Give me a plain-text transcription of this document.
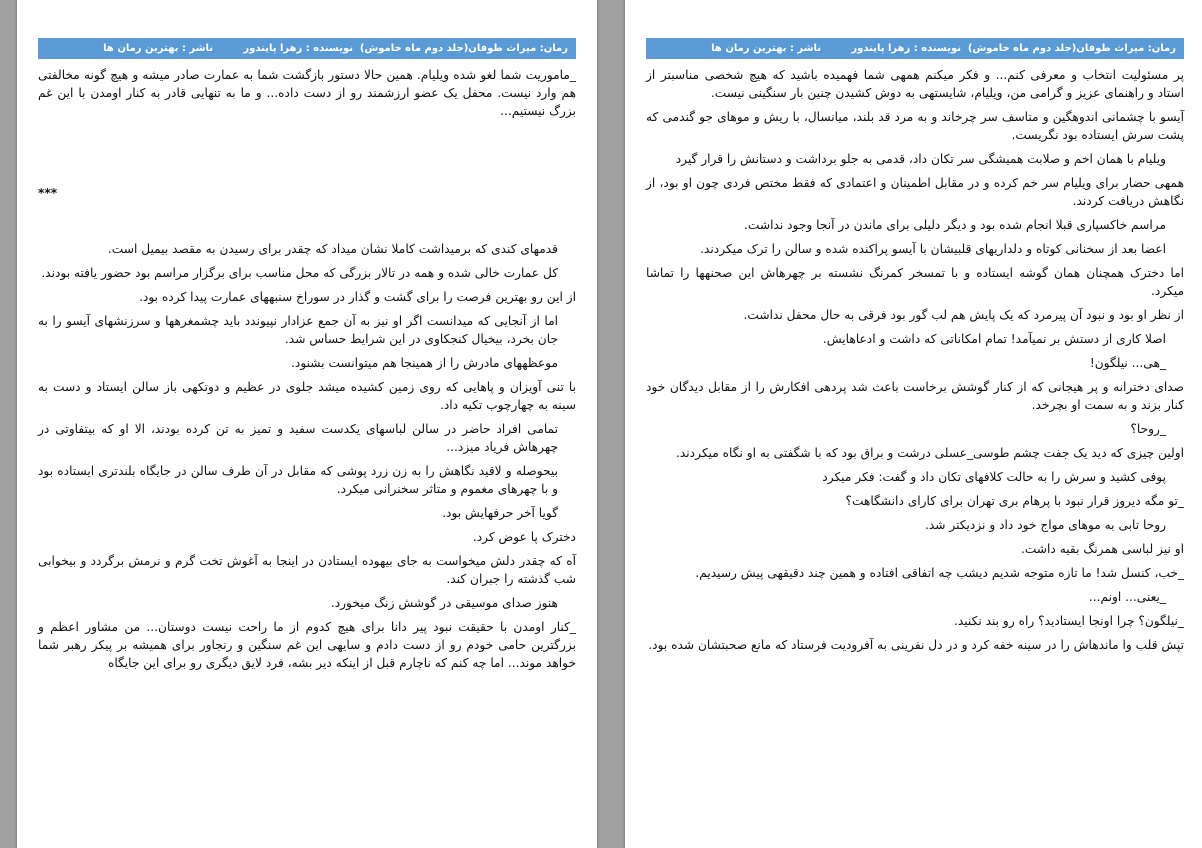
رمان: میراث طوفان(جلد دوم ماه خاموش)
نویسنده : زهرا پایندور
ناشر : بهترین رمان ها

_ماموریت شما لغو شده ویلیام. همین حالا دستور بازگشت شما به عمارت صادر میشه و هیچ گونه مخالفتی هم وارد نیست. محفل یک عضو ارزشمند رو از دست داده... و ما به تنهایی قادر به کنار اومدن با این غم بزرگ نیستیم...

***

قدمهای کندی که برمیداشت کاملا نشان میداد که چقدر برای رسیدن به مقصد بیمیل است.

کل عمارت خالی شده و همه در تالار بزرگی که محل مناسب برای برگزار مراسم بود حضور یافته بودند.

از این رو بهترین فرصت را برای گشت و گذار در سوراخ سنبههای عمارت پیدا کرده بود.

اما از آنجایی که میدانست اگر او نیز به آن جمع عزادار نپیوندد باید چشمغرهها و سرزنشهای آیسو را به جان بخرد، بیخیال کنجکاوی در این شرایط حساس شد.

موعظههای مادرش را از همینجا هم میتوانست بشنود.

با تنی آویزان و پاهایی که روی زمین کشیده میشد جلوی در عظیم و دوتکهی باز سالن ایستاد و دست به سینه به چهارچوب تکیه داد.

تمامی افراد حاضر در سالن لباسهای یکدست سفید و تمیز به تن کرده بودند، الا او که بیتفاوتی در چهرهاش فریاد میزد...

بیحوصله و لاقید نگاهش را به زن زرد پوشی که مقابل در آن طرف سالن در جایگاه بلندتری ایستاده بود و با چهرهای مغموم و متاثر سخنرانی میکرد.

گویا آخر حرفهایش بود.

دخترک پا عوض کرد.

آه که چقدر دلش میخواست به جای بیهوده ایستادن در اینجا به آغوش تخت گرم و نرمش برگردد و بیخوابی شب گذشته را جبران کند.

هنوز صدای موسیقی در گوشش زنگ میخورد.

_کنار اومدن با حقیقت نبود پیر دانا برای هیچ کدوم از ما راحت نیست دوستان... من مشاور اعظم و بزرگترین حامی خودم رو از دست دادم و سایهی این غم سنگین و رنجاور برای همیشه بر پیکر رهبر شما خواهد موند... اما چه کنم که ناچارم قبل از اینکه دیر بشه، فرد لایق دیگری رو برای این جایگاه

رمان: میراث طوفان(جلد دوم ماه خاموش)
نویسنده : زهرا پایندور
ناشر : بهترین رمان ها

پر مسئولیت انتخاب و معرفی کنم... و فکر میکنم همهی شما فهمیده باشید که هیچ شخصی مناسبتر از استاد و راهنمای عزیز و گرامی من، ویلیام، شایستهی به دوش کشیدن چنین بار سنگینی نیست.

آیسو با چشمانی اندوهگین و متاسف سر چرخاند و به مرد قد بلند، میانسال، با ریش و موهای جو گندمی که پشت سرش ایستاده بود نگریست.

ویلیام با همان اخم و صلابت همیشگی سر تکان داد، قدمی به جلو برداشت و دستانش را قرار گیرد

همهی حضار برای ویلیام سر خم کرده و در مقابل اطمینان و اعتمادی که فقط مختص فردی چون او بود، از نگاهش دریافت کردند.

مراسم خاکسپاری قبلا انجام شده بود و دیگر دلیلی برای ماندن در آنجا وجود نداشت.

اعضا بعد از سخنانی کوتاه و دلداریهای قلبیشان با آیسو پراکنده شده و سالن را ترک میکردند.

اما دخترک همچنان همان گوشه ایستاده و با تمسخر کمرنگ نشسته بر چهرهاش این صحنهها را تماشا میکرد.

از نظر او بود و نبود آن پیرمرد که یک پایش هم لب گور بود فرقی به حال محفل نداشت.

اصلا کاری از دستش بر نمیآمد! تمام امکاناتی که داشت و ادعاهایش.

_هی... نیلگون!

صدای دخترانه و پر هیجانی که از کنار گوشش برخاست باعث شد پردهی افکارش را از مقابل دیدگان خود کنار بزند و به سمت او بچرخد.

_روحا؟

اولین چیزی که دید یک جفت چشم طوسی_عسلی درشت و براق بود که با شگفتی به او نگاه میکردند.

پوفی کشید و سرش را به حالت کلافهای تکان داد و گفت: فکر میکرد

_تو مگه دیروز قرار نبود با پرهام بری تهران برای کارای دانشگاهت؟

روحا تابی به موهای مواج خود داد و نزدیکتر شد.

او نیز لباسی همرنگ بقیه داشت.

_خب، کنسل شد! ما تازه متوجه شدیم دیشب چه اتفاقی افتاده و همین چند دقیقهی پیش رسیدیم.

_یعنی... اونم...

_نیلگون؟ چرا اونجا ایستادید؟ راه رو بند نکنید.

تپش قلب وا ماندهاش را در سینه خفه کرد و در دل نفرینی به آفرودیت فرستاد که مانع صحبتشان شده بود.
